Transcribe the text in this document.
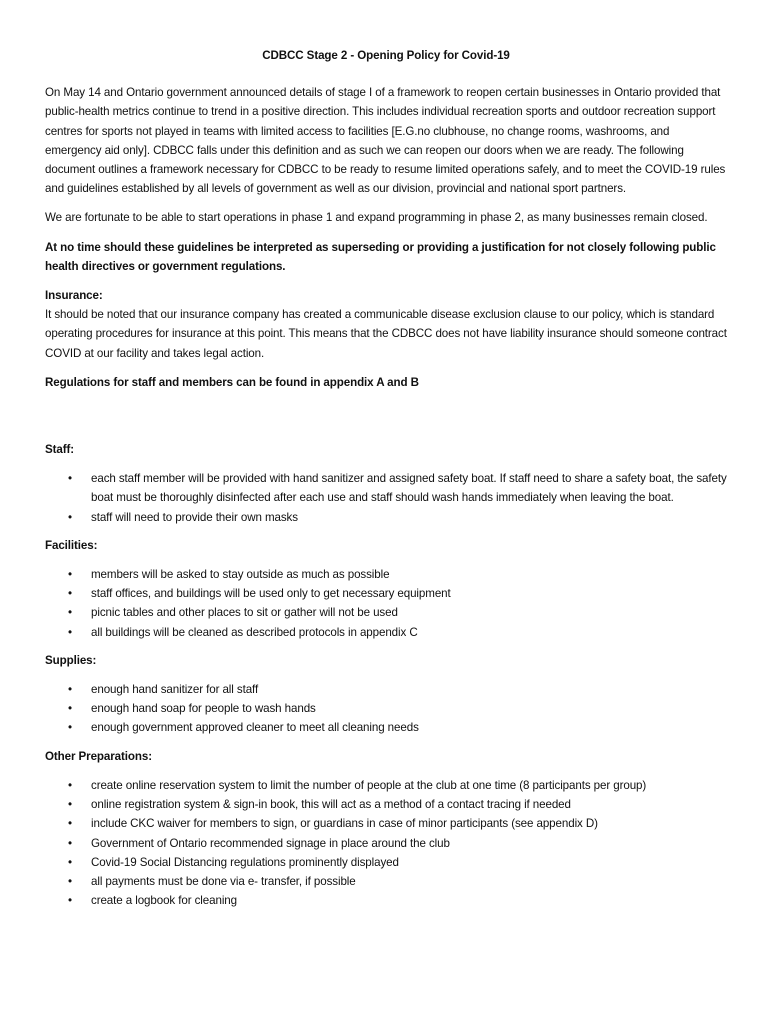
CDBCC Stage 2 - Opening Policy for Covid-19

On May 14 and Ontario government announced details of stage I of a framework to reopen certain businesses in Ontario provided that public-health metrics continue to trend in a positive direction. This includes individual recreation sports and outdoor recreation support centres for sports not played in teams with limited access to facilities [E.G.no clubhouse, no change rooms, washrooms, and emergency aid only]. CDBCC falls under this definition and as such we can reopen our doors when we are ready. The following document outlines a framework necessary for CDBCC to be ready to resume limited operations safely, and to meet the COVID-19 rules and guidelines established by all levels of government as well as our division, provincial and national sport partners.

We are fortunate to be able to start operations in phase 1 and expand programming in phase 2, as many businesses remain closed.

At no time should these guidelines be interpreted as superseding or providing a justification for not closely following public health directives or government regulations.

Insurance:

It should be noted that our insurance company has created a communicable disease exclusion clause to our policy, which is standard operating procedures for insurance at this point. This means that the CDBCC does not have liability insurance should someone contract COVID at our facility and takes legal action.

Regulations for staff and members can be found in appendix A and B

Staff:
• each staff member will be provided with hand sanitizer and assigned safety boat. If staff need to share a safety boat, the safety boat must be thoroughly disinfected after each use and staff should wash hands immediately when leaving the boat.
• staff will need to provide their own masks
Facilities:
• members will be asked to stay outside as much as possible
• staff offices, and buildings will be used only to get necessary equipment
• picnic tables and other places to sit or gather will not be used
• all buildings will be cleaned as described protocols in appendix C
Supplies:
• enough hand sanitizer for all staff
• enough hand soap for people to wash hands
• enough government approved cleaner to meet all cleaning needs
Other Preparations:
• create online reservation system to limit the number of people at the club at one time (8 participants per group)
• online registration system & sign-in book, this will act as a method of a contact tracing if needed
• include CKC waiver for members to sign, or guardians in case of minor participants (see appendix D)
• Government of Ontario recommended signage in place around the club
• Covid-19 Social Distancing regulations prominently displayed
• all payments must be done via e- transfer, if possible
• create a logbook for cleaning
